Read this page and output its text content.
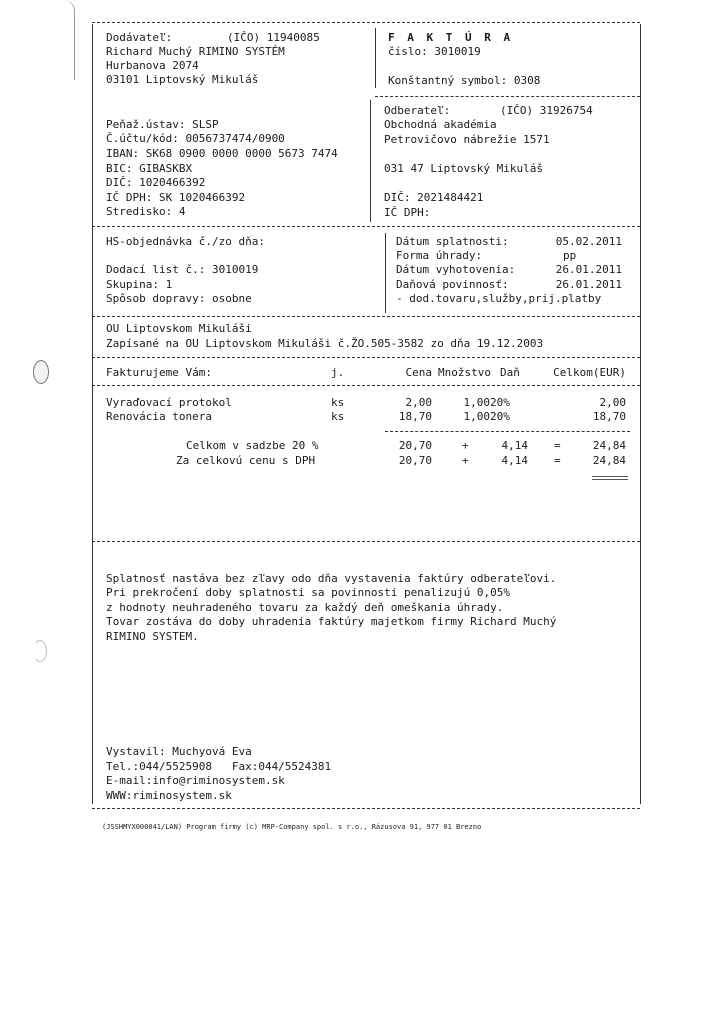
Dodávateľ:	(IČO) 11940085
Richard Muchý RIMINO SYSTÉM
Hurbanova 2074
03101 Liptovský Mikuláš
F A K T Ú R A
číslo: 3010019
Konštantný symbol: 0308
Peňaž.ústav: SLSP
Č.účtu/kód: 0056737474/0900
IBAN: SK68 0900 0000 0000 5673 7474
BIC: GIBASKBX
DIČ: 1020466392
IČ DPH: SK 1020466392
Stredisko: 4
Odberateľ:	(IČO) 31926754
Obchodná akadémia
Petrovičovo nábrežie 1571
031 47 Liptovský Mikuláš
DIČ: 2021484421
IČ DPH:
HS-objednávka č./zo dňa:
Dodací list č.: 3010019
Skupina: 1
Spôsob dopravy: osobne
Dátum splatnosti:	05.02.2011
Forma úhrady:	pp
Dátum vyhotovenia:	26.01.2011
Daňová povinnosť:	26.01.2011
- dod.tovaru,služby,prij.platby
OU Liptovskom Mikuláši
Zapísané na OU Liptovskom Mikuláši č.ŽO.505-3582 zo dňa 19.12.2003
Fakturujeme Vám:	j.	Cena Množstvo Daň	Celkom(EUR)
Vyraďovací protokol	ks	2,00	1,00 20%	2,00
Renovácia tonera	ks	18,70	1,00 20%	18,70
Celkom v sadzbe 20 %	20,70	+	4,14 =	24,84
Za celkovú cenu s DPH	20,70	+	4,14 =	24,84
Splatnosť nastáva bez zľavy odo dňa vystavenia faktúry odberateľovi.
Pri prekročení doby splatnosti sa povinnosti penalizujú 0,05%
z hodnoty neuhradeného tovaru za každý deň omeškania úhrady.
Tovar zostáva do doby uhradenia faktúry majetkom firmy Richard Muchý
RIMINO SYSTEM.
Vystavil: Muchyová Eva
Tel.:044/5525908   Fax:044/5524381
E-mail:info@riminosystem.sk
WWW:riminosystem.sk
(JSSHMYX000041/LAN) Program firmy (c) MRP-Company spol. s r.o., Rázusova 91, 977 01 Brezno
